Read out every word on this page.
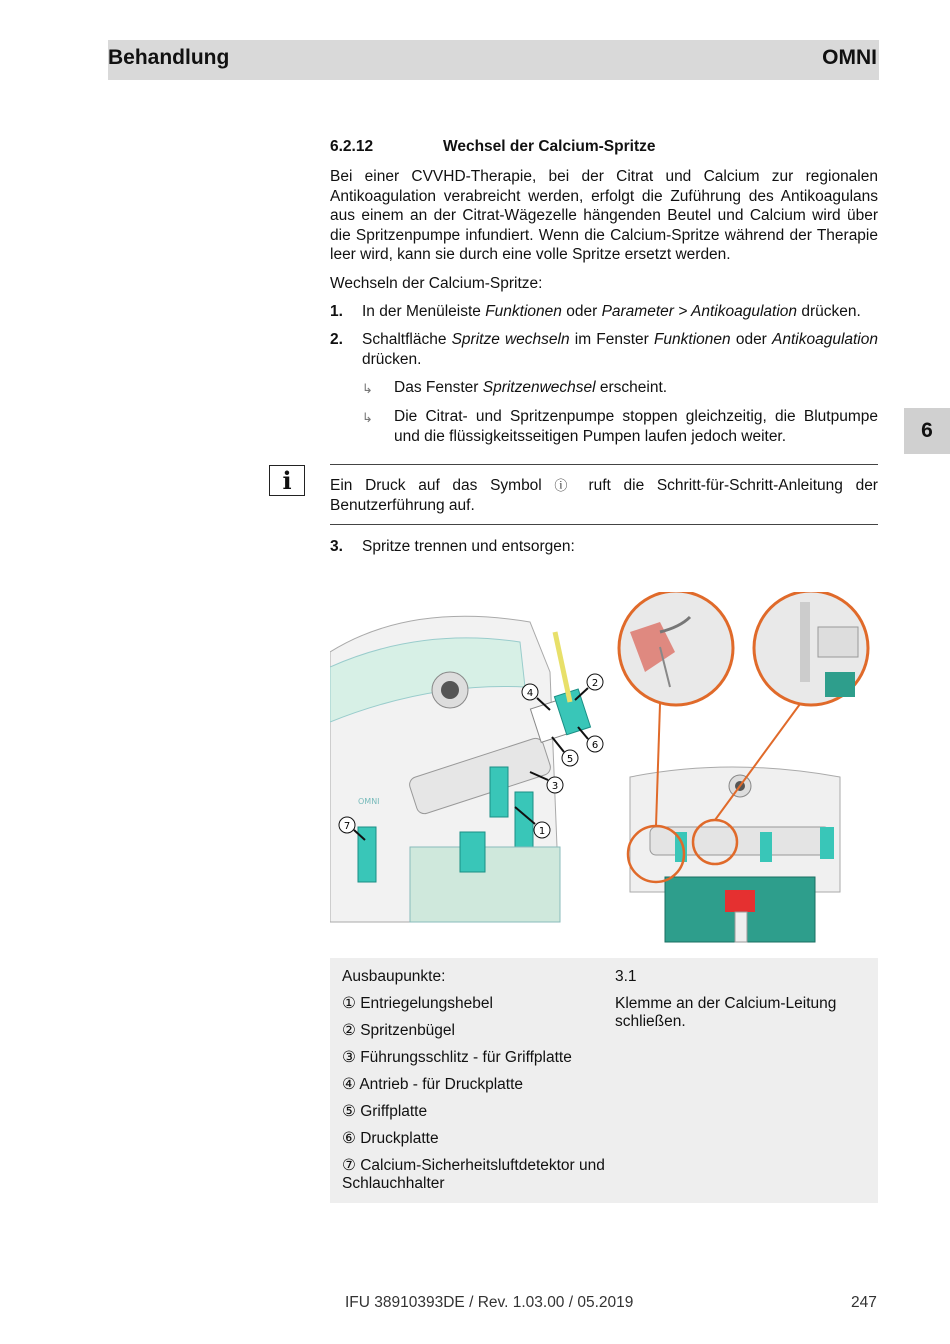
Behandlung	OMNI
6
6.2.12	Wechsel der Calcium-Spritze
Bei einer CVVHD-Therapie, bei der Citrat und Calcium zur regionalen Antikoagulation verabreicht werden, erfolgt die Zuführung des Antikoagulans aus einem an der Citrat-Wägezelle hängenden Beutel und Calcium wird über die Spritzenpumpe infundiert. Wenn die Calcium-Spritze während der Therapie leer wird, kann sie durch eine volle Spritze ersetzt werden.
Wechseln der Calcium-Spritze:
1. In der Menüleiste Funktionen oder Parameter > Antikoagulation drücken.
2. Schaltfläche Spritze wechseln im Fenster Funktionen oder Antikoagulation drücken.
↳ Das Fenster Spritzenwechsel erscheint.
↳ Die Citrat- und Spritzenpumpe stoppen gleichzeitig, die Blutpumpe und die flüssigkeitsseitigen Pumpen laufen jedoch weiter.
i	Ein Druck auf das Symbol ⓘ ruft die Schritt-für-Schritt-Anleitung der Benutzerführung auf.
3. Spritze trennen und entsorgen:
OMNI
1
2
3
4
5
6
7
Ausbaupunkte:
① Entriegelungshebel
② Spritzenbügel
③ Führungsschlitz - für Griffplatte
④ Antrieb - für Druckplatte
⑤ Griffplatte
⑥ Druckplatte
⑦ Calcium-Sicherheitsluftdetektor und Schlauchhalter
3.1
Klemme an der Calcium-Leitung schließen.
IFU 38910393DE / Rev. 1.03.00 / 05.2019	247
